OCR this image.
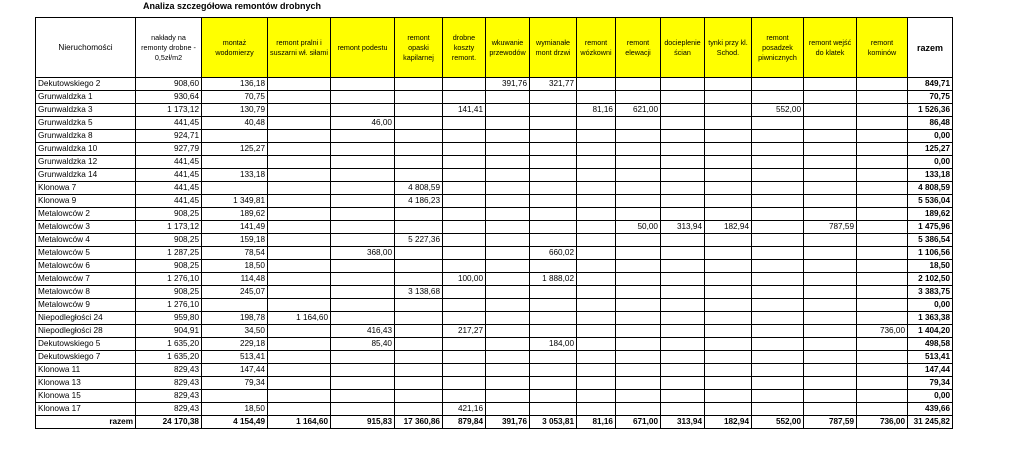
Analiza szczegółowa remontów drobnych
Nieruchomości	nakłady na remonty drobne - 0,5zł/m2	montaż wodomierzy	remont pralni i suszarni wł. siłami	remont podestu	remont opaski kapilarnej	drobne koszty remont.	wkuwanie przewodów	wymianałe mont drzwi	remont wózkowni	remont elewacji	docieplenie ścian	tynki przy kl. Schod.	remont posadzek piwnicznych	remont wejść do klatek	remont kominów	razem
Dekutowskiego 2	908,60	136,18					391,76	321,77								849,71
Grunwaldzka 1	930,64	70,75														70,75
Grunwaldzka 3	1 173,12	130,79				141,41			81,16	621,00			552,00			1 526,36
Grunwaldzka 5	441,45	40,48		46,00												86,48
Grunwaldzka 8	924,71															0,00
Grunwaldzka 10	927,79	125,27														125,27
Grunwaldzka 12	441,45															0,00
Grunwaldzka 14	441,45	133,18														133,18
Klonowa 7	441,45				4 808,59											4 808,59
Klonowa 9	441,45	1 349,81			4 186,23											5 536,04
Metalowców 2	908,25	189,62														189,62
Metalowców 3	1 173,12	141,49								50,00	313,94	182,94		787,59		1 475,96
Metalowców 4	908,25	159,18			5 227,36											5 386,54
Metalowców 5	1 287,25	78,54		368,00				660,02								1 106,56
Metalowców 6	908,25	18,50														18,50
Metalowców 7	1 276,10	114,48				100,00		1 888,02								2 102,50
Metalowców 8	908,25	245,07			3 138,68											3 383,75
Metalowców 9	1 276,10															0,00
Niepodległości 24	959,80	198,78	1 164,60													1 363,38
Niepodległości 28	904,91	34,50		416,43		217,27									736,00	1 404,20
Dekutowskiego 5	1 635,20	229,18		85,40				184,00								498,58
Dekutowskiego 7	1 635,20	513,41														513,41
Klonowa 11	829,43	147,44														147,44
Klonowa 13	829,43	79,34														79,34
Klonowa 15	829,43															0,00
Klonowa 17	829,43	18,50				421,16										439,66
razem	24 170,38	4 154,49	1 164,60	915,83	17 360,86	879,84	391,76	3 053,81	81,16	671,00	313,94	182,94	552,00	787,59	736,00	31 245,82
